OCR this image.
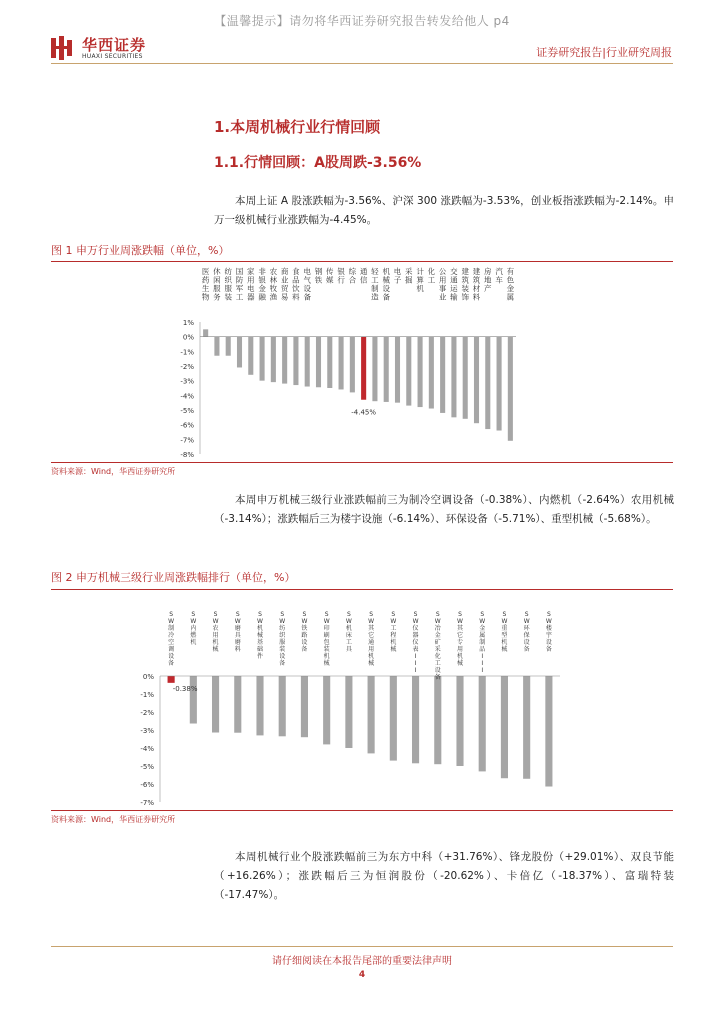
【温馨提示】请勿将华西证券研究报告转发给他人 p4
华西证券
HUAXI SECURITIES	证券研究报告|行业研究周报
1.本周机械行业行情回顾
1.1.行情回顾：A股周跌-3.56%
本周上证 A 股涨跌幅为-3.56%、沪深 300 涨跌幅为-3.53%，创业板指涨跌幅为-2.14%。申万一级机械行业涨跌幅为-4.45%。
图 1 申万行业周涨跌幅（单位，%）
1%
0%
-1%
-2%
-3%
-4%
-5%
-6%
-7%
-8%
医药生物
休闲服务
纺织服装
国防军工
家用电器
非银金融
农林牧渔
商业贸易
食品饮料
电气设备
钢铁
传媒
银行
综合
通信
轻工制造
机械设备
电子
采掘
计算机
化工
公用事业
交通运输
建筑装饰
建筑材料
房地产
汽车
有色金属
-4.45%
资料来源：Wind，华西证券研究所
本周申万机械三级行业涨跌幅前三为制冷空调设备（-0.38%）、内燃机（-2.64%）农用机械（-3.14%）；涨跌幅后三为楼宇设施（-6.14%）、环保设备（-5.71%）、重型机械（-5.68%）。
图 2 申万机械三级行业周涨跌幅排行（单位，%）
0%
-1%
-2%
-3%
-4%
-5%
-6%
-7%
S W 制冷空调设备
S W 内燃机
S W 农用机械
S W 磨具磨料
S W 机械基础件
S W 纺织服装设备
S W 铁路设备
S W 印刷包装机械
S W 机床工具
S W 其它通用机械
S W 工程机械
S W 仪器仪表 I I I
S W 冶金矿采化工设备
S W 其它专用机械
S W 金属制品 I I I
S W 重型机械
S W 环保设备
S W 楼宇设备
-0.38%
资料来源：Wind，华西证券研究所
本周机械行业个股涨跌幅前三为东方中科（+31.76%）、锋龙股份（+29.01%）、双良节能（+16.26%）；涨跌幅后三为恒润股份（-20.62%）、卡倍亿（-18.37%）、富瑞特装（-17.47%）。
请仔细阅读在本报告尾部的重要法律声明
4
